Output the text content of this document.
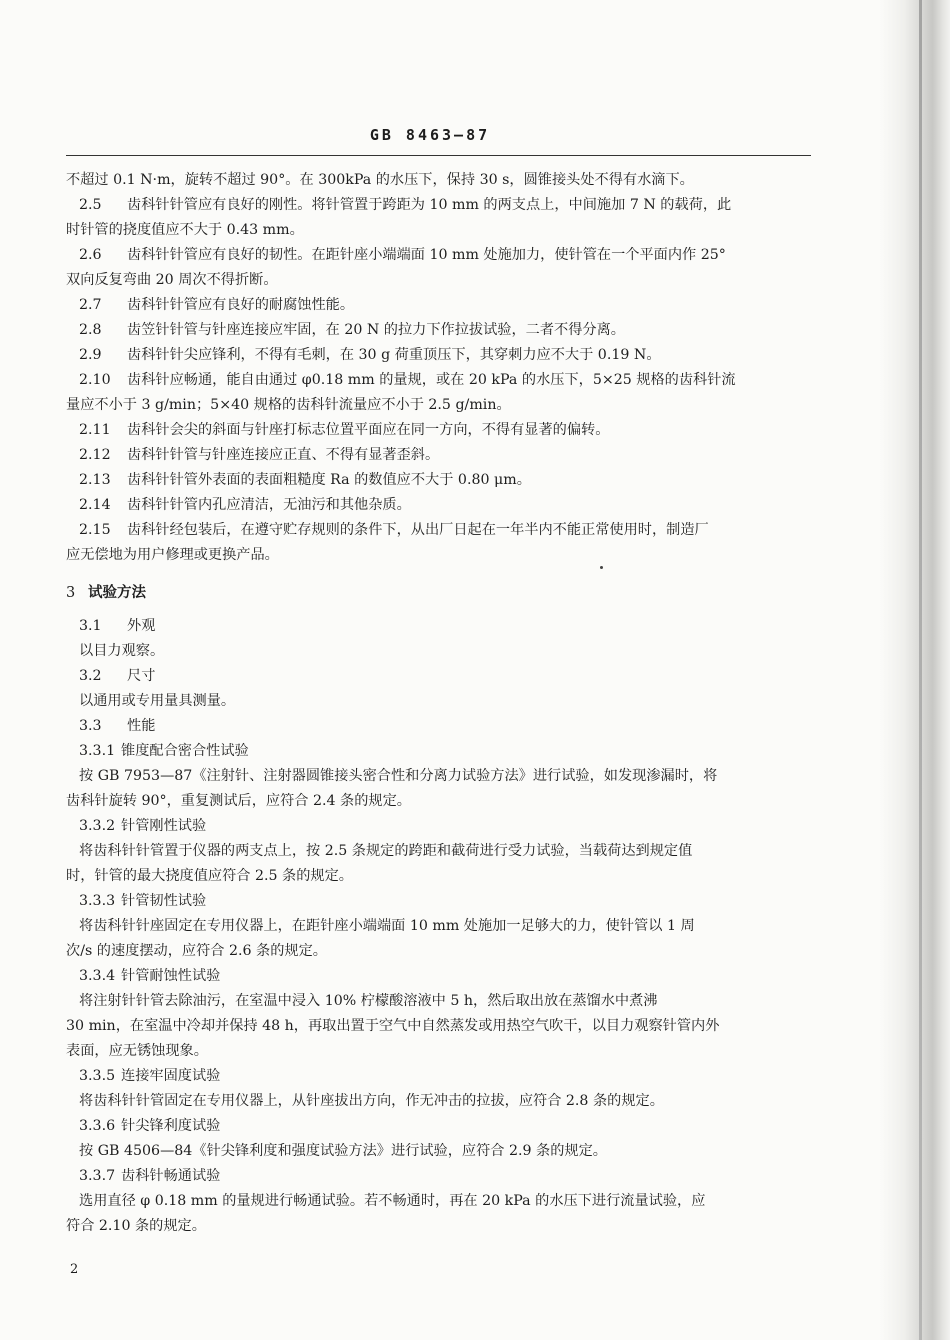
GB 8463—87

不超过 0.1 N·m，旋转不超过 90°。在 300kPa 的水压下，保持 30 s，圆锥接头处不得有水滴下。

2.5 齿科针针管应有良好的刚性。将针管置于跨距为 10 mm 的两支点上，中间施加 7 N 的载荷，此

时针管的挠度值应不大于 0.43 mm。

2.6 齿科针针管应有良好的韧性。在距针座小端端面 10 mm 处施加力，使针管在一个平面内作 25°

双向反复弯曲 20 周次不得折断。

2.7 齿科针针管应有良好的耐腐蚀性能。

2.8 齿笠针针管与针座连接应牢固，在 20 N 的拉力下作拉拔试验，二者不得分离。

2.9 齿科针针尖应锋利，不得有毛刺，在 30 g 荷重顶压下，其穿刺力应不大于 0.19 N。

2.10 齿科针应畅通，能自由通过 φ0.18 mm 的量规，或在 20 kPa 的水压下，5×25 规格的齿科针流

量应不小于 3 g/min；5×40 规格的齿科针流量应不小于 2.5 g/min。

2.11 齿科针会尖的斜面与针座打标志位置平面应在同一方向，不得有显著的偏转。

2.12 齿科针针管与针座连接应正直、不得有显著歪斜。

2.13 齿科针针管外表面的表面粗糙度 Ra 的数值应不大于 0.80 μm。

2.14 齿科针针管内孔应清洁，无油污和其他杂质。

2.15 齿科针经包装后，在遵守贮存规则的条件下，从出厂日起在一年半内不能正常使用时，制造厂

应无偿地为用户修理或更换产品。

3 试验方法

3.1 外观

以目力观察。

3.2 尺寸

以通用或专用量具测量。

3.3 性能

3.3.1 锥度配合密合性试验

按 GB 7953—87《注射针、注射器圆锥接头密合性和分离力试验方法》进行试验，如发现渗漏时，将

齿科针旋转 90°，重复测试后，应符合 2.4 条的规定。

3.3.2 针管刚性试验

将齿科针针管置于仪器的两支点上，按 2.5 条规定的跨距和截荷进行受力试验，当载荷达到规定值

时，针管的最大挠度值应符合 2.5 条的规定。

3.3.3 针管韧性试验

将齿科针针座固定在专用仪器上，在距针座小端端面 10 mm 处施加一足够大的力，使针管以 1 周

次/s 的速度摆动，应符合 2.6 条的规定。

3.3.4 针管耐蚀性试验

将注射针针管去除油污，在室温中浸入 10% 柠檬酸溶液中 5 h，然后取出放在蒸馏水中煮沸

30 min，在室温中冷却并保持 48 h，再取出置于空气中自然蒸发或用热空气吹干，以目力观察针管内外

表面，应无锈蚀现象。

3.3.5 连接牢固度试验

将齿科针针管固定在专用仪器上，从针座拔出方向，作无冲击的拉拔，应符合 2.8 条的规定。

3.3.6 针尖锋利度试验

按 GB 4506—84《针尖锋利度和强度试验方法》进行试验，应符合 2.9 条的规定。

3.3.7 齿科针畅通试验

选用直径 φ 0.18 mm 的量规进行畅通试验。若不畅通时，再在 20 kPa 的水压下进行流量试验，应

符合 2.10 条的规定。

2
